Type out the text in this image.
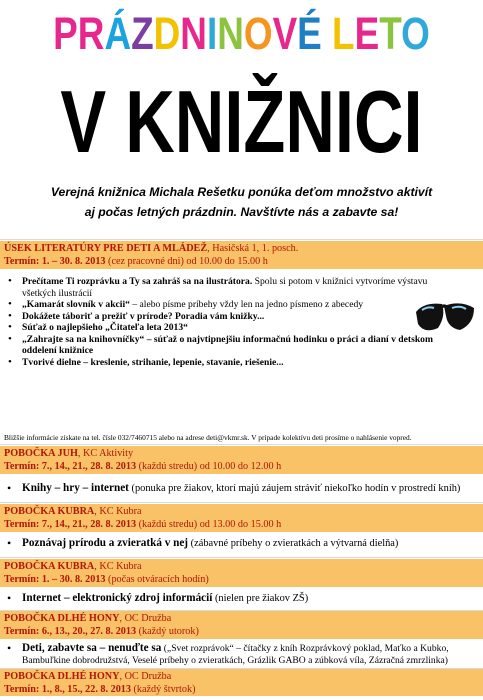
PRÁZDNINOVÉ LETO
V KNIŽNICI
Verejná knižnica Michala Rešetku ponúka deťom množstvo aktivít
aj počas letných prázdnin. Navštívte nás a zabavte sa!
ÚSEK LITERATÚRY PRE DETI A MLÁDEŽ, Hasičská 1, 1. posch.
Termín: 1. – 30. 8. 2013 (cez pracovné dni) od 10.00 do 15.00 h
• Prečítame Ti rozprávku a Ty sa zahráš sa na ilustrátora. Spolu si potom v knižnici vytvoríme výstavu všetkých ilustrácií
• „Kamarát slovník v akcii“ – alebo písme príbehy vždy len na jedno písmeno z abecedy
• Dokážete táboriť a prežiť v prírode? Poradia vám knižky...
• Súťaž o najlepšieho „Čitateľa leta 2013“
• „Zahrajte sa na knihovníčky“ – súťaž o najvtipnejšiu informačnú hodinku o práci a dianí v detskom oddelení knižnice
• Tvorivé dielne – kreslenie, strihanie, lepenie, stavanie, riešenie...
Bližšie informácie získate na tel. čísle 032/7460715 alebo na adrese deti@vkmr.sk. V prípade kolektívu deti prosíme o nahlásenie vopred.
POBOČKA JUH, KC Aktivity
Termín: 7., 14., 21., 28. 8. 2013 (každú stredu) od 10.00 do 12.00 h
• Knihy – hry – internet (ponuka pre žiakov, ktorí majú záujem stráviť niekoľko hodín v prostredí kníh)
POBOČKA KUBRA, KC Kubra
Termín: 7., 14., 21., 28. 8. 2013 (každú stredu) od 13.00 do 15.00 h
• Poznávaj prírodu a zvieratká v nej (zábavné príbehy o zvieratkách a výtvarná dielňa)
POBOČKA KUBRA, KC Kubra
Termín: 1. – 30. 8. 2013 (počas otváracích hodín)
• Internet – elektronický zdroj informácií (nielen pre žiakov ZŠ)
POBOČKA DLHÉ HONY, OC Družba
Termín: 6., 13., 20., 27. 8. 2013 (každý utorok)
• Deti, zabavte sa – nenuďte sa („Svet rozprávok“ – čítačky z kníh Rozprávkový poklad, Maťko a Kubko, Bambuľkine dobrodružstvá, Veselé príbehy o zvieratkách, Grázlik GABO a zúbková víla, Zázračná zmrzlinka)
POBOČKA DLHÉ HONY, OC Družba
Termín: 1., 8., 15., 22. 8. 2013 (každý štvrtok)
